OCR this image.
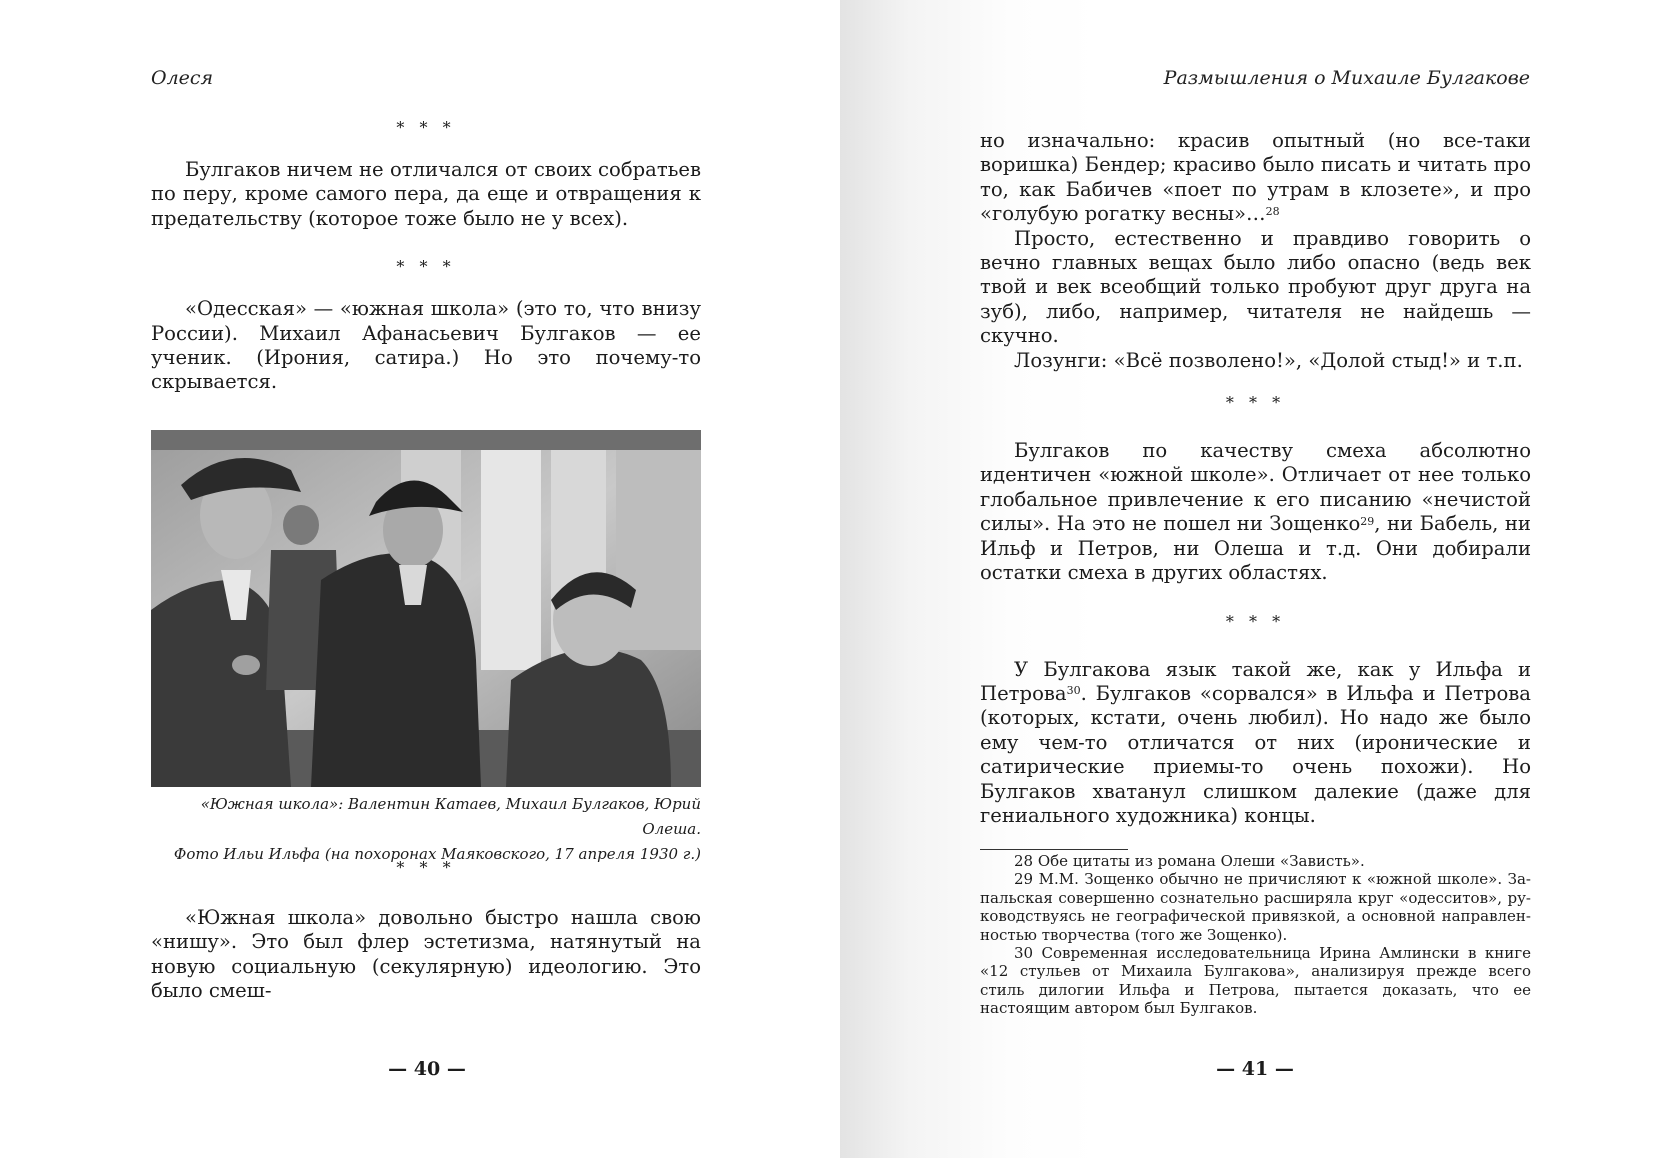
Олеся
* * *

Булгаков ничем не отличался от своих собратьев по перу, кроме самого пера, да еще и отвращения к предательству (которое тоже было не у всех).

* * *

«Одесская» — «южная школа» (это то, что внизу России). Михаил Афанасьевич Булгаков — ее ученик. (Ирония, сатира.) Но это почему-то скрывается.

«Южная школа»: Валентин Катаев, Михаил Булгаков, Юрий Олеша.
Фото Ильи Ильфа (на похоронах Маяковского, 17 апреля 1930 г.)
* * *

«Южная школа» довольно быстро нашла свою «нишу». Это был флер эстетизма, натянутый на новую социальную (секулярную) идеологию. Это было смеш-

— 40 —
Размышления о Михаиле Булгакове

но изначально: красив опытный (но все-таки воришка) Бендер; красиво было писать и читать про то, как Бабичев «поет по утрам в клозете», и про «голубую рогатку весны»…$^{28}$

Просто, естественно и правдиво говорить о вечно главных вещах было либо опасно (ведь век твой и век всеобщий только пробуют друг друга на зуб), либо, например, читателя не найдешь — скучно.

Лозунги: «Всё позволено!», «Долой стыд!» и т.п.

* * *

Булгаков по качеству смеха абсолютно идентичен «южной школе». Отличает от нее только глобальное привлечение к его писанию «нечистой силы». На это не пошел ни Зощенко$^{29}$, ни Бабель, ни Ильф и Петров, ни Олеша и т.д. Они добирали остатки смеха в других областях.

* * *

У Булгакова язык такой же, как у Ильфа и Петрова$^{30}$. Булгаков «сорвался» в Ильфа и Петрова (которых, кстати, очень любил). Но надо же было ему чем-то отличатся от них (иронические и сатирические приемы-то очень похожи). Но Булгаков хватанул слишком далекие (даже для гениального художника) концы.

— 41 —

28 Обе цитаты из романа Олеши «Зависть».

29 М.М. Зощенко обычно не причисляют к «южной школе». Запальская совершенно сознательно расширяла круг «одесситов», руководствуясь не географической привязкой, а основной направленностью творчества (того же Зощенко).

30 Современная исследовательница Ирина Амлински в книге «12 стульев от Михаила Булгакова», анализируя прежде всего стиль дилогии Ильфа и Петрова, пытается доказать, что ее настоящим автором был Булгаков.
